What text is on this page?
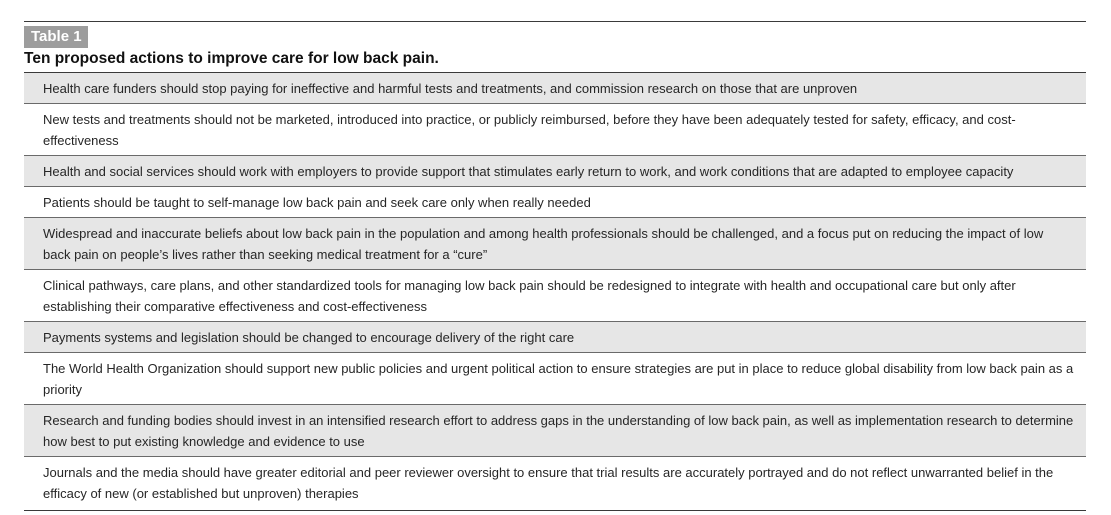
Table 1
Ten proposed actions to improve care for low back pain.
Health care funders should stop paying for ineffective and harmful tests and treatments, and commission research on those that are unproven
New tests and treatments should not be marketed, introduced into practice, or publicly reimbursed, before they have been adequately tested for safety, efficacy, and cost-effectiveness
Health and social services should work with employers to provide support that stimulates early return to work, and work conditions that are adapted to employee capacity
Patients should be taught to self-manage low back pain and seek care only when really needed
Widespread and inaccurate beliefs about low back pain in the population and among health professionals should be challenged, and a focus put on reducing the impact of low back pain on people’s lives rather than seeking medical treatment for a “cure”
Clinical pathways, care plans, and other standardized tools for managing low back pain should be redesigned to integrate with health and occupational care but only after establishing their comparative effectiveness and cost-effectiveness
Payments systems and legislation should be changed to encourage delivery of the right care
The World Health Organization should support new public policies and urgent political action to ensure strategies are put in place to reduce global disability from low back pain as a priority
Research and funding bodies should invest in an intensified research effort to address gaps in the understanding of low back pain, as well as implementation research to determine how best to put existing knowledge and evidence to use
Journals and the media should have greater editorial and peer reviewer oversight to ensure that trial results are accurately portrayed and do not reflect unwarranted belief in the efficacy of new (or established but unproven) therapies
